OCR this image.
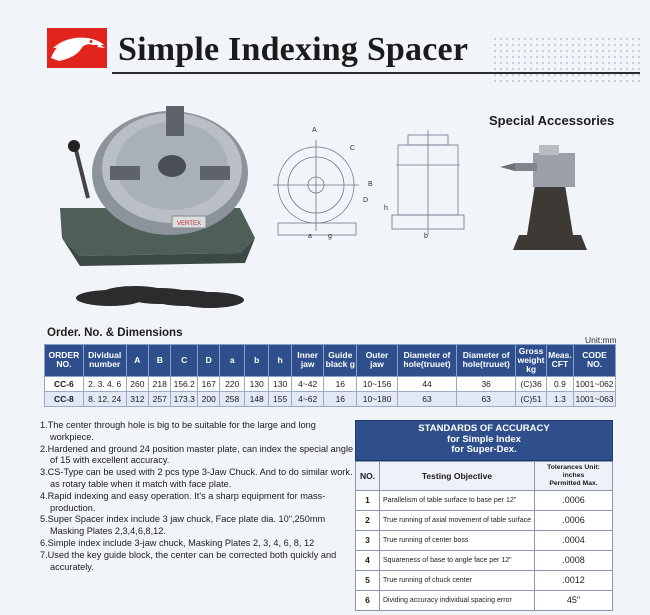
Simple Indexing Spacer
VERTEX
A
C
B
D
h
a	b
g
Special Accessories
Order. No. & Dimensions
Unit:mm
ORDER NO.	Dividual number	A	B	C	D	a	b	h	Inner jaw	Guide black g	Outer jaw	Diameter of hole(truuet)	Diameter of hole(truuet)	Gross weight kg	Meas. CFT	CODE NO.
CC-6	2. 3. 4. 6	260	218	156.2	167	220	130	130	4~42	16	10~156	44	36	(C)36	0.9	1001~062
CC-8	8. 12. 24	312	257	173.3	200	258	148	155	4~62	16	10~180	63	63	(C)51	1.3	1001~063
1.The center through hole is big to be suitable for the large and long workpiece.
2.Hardened and ground 24 position master plate, can index the special angle of 15 with excellent accuracy.
3.CS-Type can be used with 2 pcs type 3-Jaw Chuck. And to do similar work. as rotary table when it match with face plate.
4.Rapid indexing and easy operation. It's a sharp equipment for mass-production.
5.Super Spacer index include 3 jaw chuck, Face plate dia. 10",250mm Masking Plates 2,3,4,6,8,12.
6.Simple index include 3-jaw chuck, Masking Plates 2, 3, 4, 6, 8, 12
7.Used the key guide block, the center can be corrected both quickly and accurately.
STANDARDS OF ACCURACY
for Simple Index
for Super-Dex.
NO.	Testing Objective	Tolerances Unit: inches
Permitted Max.

1	Parallelism of table surface to base per 12"	.0006
2	True running of axial movement of table surface	.0006
3	True running of center boss	.0004
4	Squareness of base to angle face per 12"	.0008
5	True running of chuck center	.0012
6	Dividing accuracy individual spacing error	45"
